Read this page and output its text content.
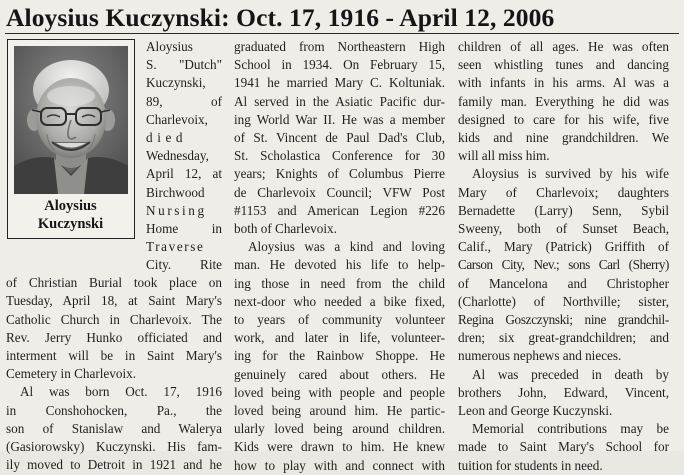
Aloysius Kuczynski: Oct. 17, 1916 - April 12, 2006
Aloysius
Kuczynski

Aloysius
S. "Dutch"
Kuczynski,
89, of
Charlevoix,
died
Wednesday,
April 12, at
Birchwood
Nursing
Home in
Traverse

City. Rite
of Christian Burial took place on
Tuesday, April 18, at Saint Mary's
Catholic Church in Charlevoix. The
Rev. Jerry Hunko officiated and
interment will be in Saint Mary's
Cemetery in Charlevoix.

Al was born Oct. 17, 1916
in Conshohocken, Pa., the
son of Stanislaw and Walerya
(Gasiorowsky) Kuczynski. His fam-
ily moved to Detroit in 1921 and he

graduated from Northeastern High
School in 1934. On February 15,
1941 he married Mary C. Koltuniak.
Al served in the Asiatic Pacific dur-
ing World War II. He was a member
of St. Vincent de Paul Dad's Club,
St. Scholastica Conference for 30
years; Knights of Columbus Pierre
de Charlevoix Council; VFW Post
#1153 and American Legion #226
both of Charlevoix.

Aloysius was a kind and loving
man. He devoted his life to help-
ing those in need from the child
next-door who needed a bike fixed,
to years of community volunteer
work, and later in life, volunteer-
ing for the Rainbow Shoppe. He
genuinely cared about others. He
loved being with people and people
loved being around him. He partic-
ularly loved being around children.
Kids were drawn to him. He knew
how to play with and connect with

children of all ages. He was often
seen whistling tunes and dancing
with infants in his arms. Al was a
family man. Everything he did was
designed to care for his wife, five
kids and nine grandchildren. We
will all miss him.

Aloysius is survived by his wife
Mary of Charlevoix; daughters
Bernadette (Larry) Senn, Sybil
Sweeny, both of Sunset Beach,
Calif., Mary (Patrick) Griffith of
Carson City, Nev.; sons Carl (Sherry)
of Mancelona and Christopher
(Charlotte) of Northville; sister,
Regina Goszczynski; nine grandchil-
dren; six great-grandchildren; and
numerous nephews and nieces.

Al was preceded in death by
brothers John, Edward, Vincent,
Leon and George Kuczynski.

Memorial contributions may be
made to Saint Mary's School for
tuition for students in need.
